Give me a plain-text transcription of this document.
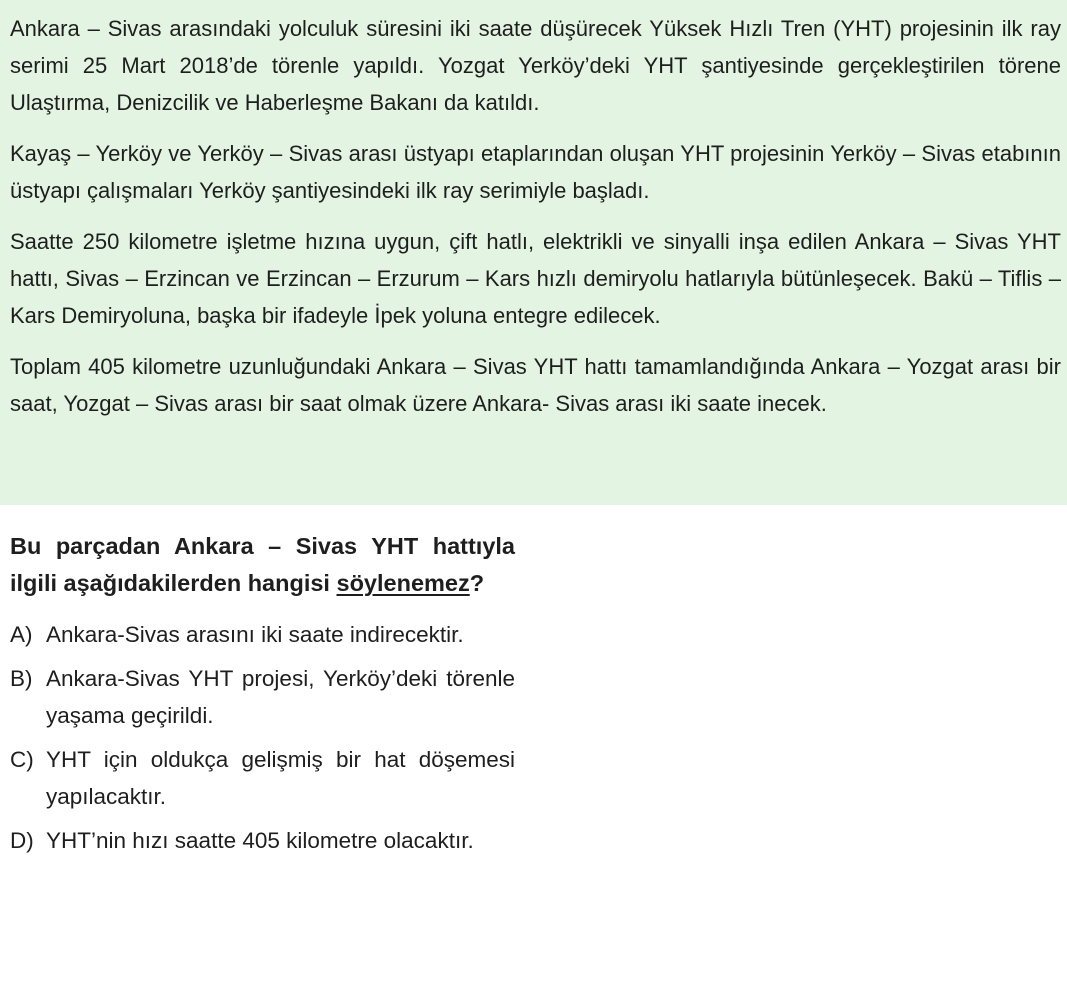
Ankara – Sivas arasındaki yolculuk süresini iki saate düşürecek Yüksek Hızlı Tren (YHT) projesinin ilk ray serimi 25 Mart 2018’de törenle yapıldı. Yozgat Yerköy’deki YHT şantiyesinde gerçekleştirilen törene Ulaştırma, Denizcilik ve Haberleşme Bakanı da katıldı.

Kayaş – Yerköy ve Yerköy – Sivas arası üstyapı etaplarından oluşan YHT projesinin Yerköy – Sivas etabının üstyapı çalışmaları Yerköy şantiyesindeki ilk ray serimiyle başladı.

Saatte 250 kilometre işletme hızına uygun, çift hatlı, elektrikli ve sinyalli inşa edilen Ankara – Sivas YHT hattı, Sivas – Erzincan ve Erzincan – Erzurum – Kars hızlı demiryolu hatlarıyla bütünleşecek. Bakü – Tiflis – Kars Demiryoluna, başka bir ifadeyle İpek yoluna entegre edilecek.

Toplam 405 kilometre uzunluğundaki Ankara – Sivas YHT hattı tamamlandığında Ankara – Yozgat arası bir saat, Yozgat – Sivas arası bir saat olmak üzere Ankara- Sivas arası iki saate inecek.

Bu parçadan Ankara – Sivas YHT hattıyla ilgili aşağıdakilerden hangisi söylenemez?

A) Ankara-Sivas arasını iki saate indirecektir.
B) Ankara-Sivas YHT projesi, Yerköy’deki törenle yaşama geçirildi.
C) YHT için oldukça gelişmiş bir hat döşemesi yapılacaktır.
D) YHT’nin hızı saatte 405 kilometre olacaktır.
